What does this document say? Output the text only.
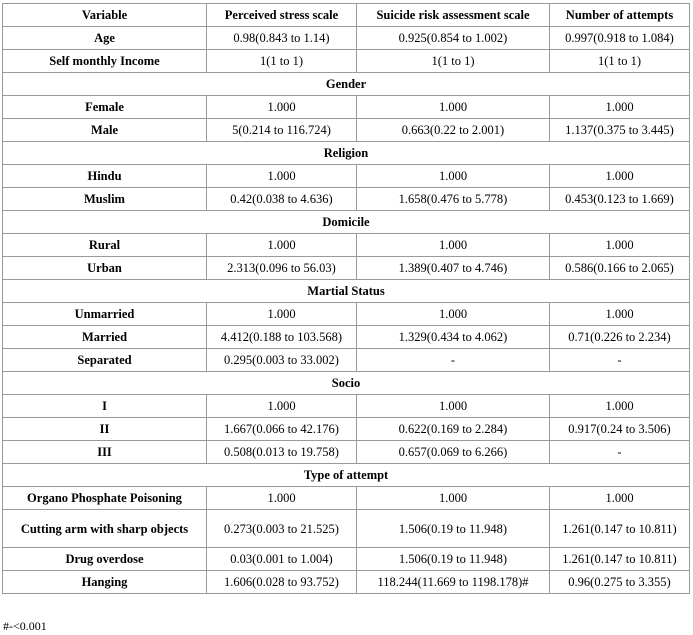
Variable	Perceived stress scale	Suicide risk assessment scale	Number of attempts
Age	0.98(0.843 to 1.14)	0.925(0.854 to 1.002)	0.997(0.918 to 1.084)
Self monthly Income	1(1 to 1)	1(1 to 1)	1(1 to 1)
Gender			
Female	1.000	1.000	1.000
Male	5(0.214 to 116.724)	0.663(0.22 to 2.001)	1.137(0.375 to 3.445)
Religion			
Hindu	1.000	1.000	1.000
Muslim	0.42(0.038 to 4.636)	1.658(0.476 to 5.778)	0.453(0.123 to 1.669)
Domicile			
Rural	1.000	1.000	1.000
Urban	2.313(0.096 to 56.03)	1.389(0.407 to 4.746)	0.586(0.166 to 2.065)
Martial Status			
Unmarried	1.000	1.000	1.000
Married	4.412(0.188 to 103.568)	1.329(0.434 to 4.062)	0.71(0.226 to 2.234)
Separated	0.295(0.003 to 33.002)	-	-
Socio			
I	1.000	1.000	1.000
II	1.667(0.066 to 42.176)	0.622(0.169 to 2.284)	0.917(0.24 to 3.506)
III	0.508(0.013 to 19.758)	0.657(0.069 to 6.266)	-
Type of attempt			
Organo Phosphate Poisoning	1.000	1.000	1.000
Cutting arm with sharp objects	0.273(0.003 to 21.525)	1.506(0.19 to 11.948)	1.261(0.147 to 10.811)
Drug overdose	0.03(0.001 to 1.004)	1.506(0.19 to 11.948)	1.261(0.147 to 10.811)
Hanging	1.606(0.028 to 93.752)	118.244(11.669 to 1198.178)#	0.96(0.275 to 3.355)
#-<0.001
